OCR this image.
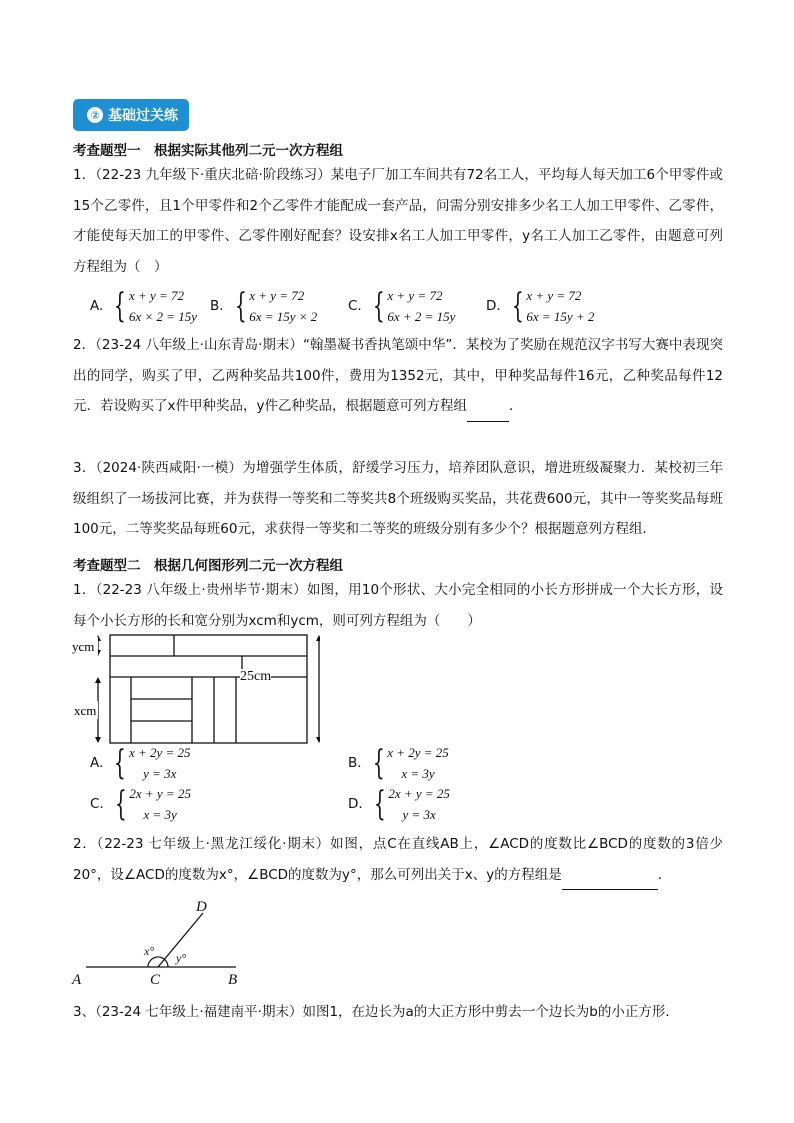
② 基础过关练
考查题型一　根据实际其他列二元一次方程组
1．（22-23 九年级下·重庆北碚·阶段练习）某电子厂加工车间共有72名工人，平均每人每天加工6个甲零件或15个乙零件，且1个甲零件和2个乙零件才能配成一套产品，问需分别安排多少名工人加工甲零件、乙零件，才能使每天加工的甲零件、乙零件刚好配套？设安排x名工人加工甲零件，y名工人加工乙零件，由题意可列方程组为（　）
A. { x + y = 72
6x × 2 = 15y
B. { x + y = 72
6x = 15y × 2
C. { x + y = 72
6x + 2 = 15y
D. { x + y = 72
6x = 15y + 2
2．（23-24 八年级上·山东青岛·期末）“翰墨凝书香执笔颂中华”．某校为了奖励在规范汉字书写大赛中表现突出的同学，购买了甲，乙两种奖品共100件，费用为1352元，其中，甲种奖品每件16元，乙种奖品每件12元．若设购买了x件甲种奖品，y件乙种奖品，根据题意可列方程组	．
3．（2024·陕西咸阳·一模）为增强学生体质，舒缓学习压力，培养团队意识，增进班级凝聚力．某校初三年级组织了一场拔河比赛，并为获得一等奖和二等奖共8个班级购买奖品，共花费600元，其中一等奖奖品每班100元，二等奖奖品每班60元，求获得一等奖和二等奖的班级分别有多少个？根据题意列方程组．
考查题型二　根据几何图形列二元一次方程组
1．（22-23 八年级上·贵州毕节·期末）如图，用10个形状、大小完全相同的小长方形拼成一个大长方形，设每个小长方形的长和宽分别为xcm和ycm，则可列方程组为（　　）
ycm
xcm
25cm
A. { x + 2y = 25
y = 3x
B. { x + 2y = 25
x = 3y
C. { 2x + y = 25
x = 3y
D. { 2x + y = 25
y = 3x
2．（22-23 七年级上·黑龙江绥化·期末）如图，点C在直线AB上，∠ACD的度数比∠BCD的度数的3倍少20°，设∠ACD的度数为x°，∠BCD的度数为y°，那么可列出关于x、y的方程组是	．
A	B
C
D
x° y°
3、（23-24 七年级上·福建南平·期末）如图1，在边长为a的大正方形中剪去一个边长为b的小正方形．
